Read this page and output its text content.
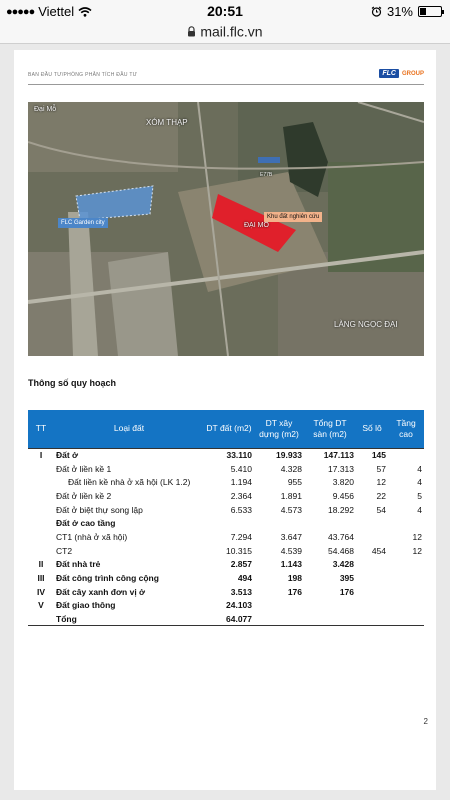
●●●●● Viettel	20:51	31%
mail.flc.vn
BAN ĐẦU TƯ/PHÒNG PHÂN TÍCH ĐẦU TƯ	FLC	GROUP
Đại Mỗ
XÓM THẠP
ĐẠI MỖ
LÀNG NGỌC ĐẠI
E77B
FLC Garden city
Khu đất nghiên cứu
Thông số quy hoạch
TT	Loại đất	DT đất (m2)	DT xây dựng (m2)	Tổng DT sàn (m2)	Số lô	Tầng cao
I	Đất ở	33.110	19.933	147.113	145	
	Đất ở liền kề 1	5.410	4.328	17.313	57	4
	Đất liền kề nhà ở xã hội (LK 1.2)	1.194	955	3.820	12	4
	Đất ở liền kề 2	2.364	1.891	9.456	22	5
	Đất ở biệt thự song lập	6.533	4.573	18.292	54	4
	Đất ở cao tầng					
	CT1 (nhà ở xã hội)	7.294	3.647	43.764		12
	CT2	10.315	4.539	54.468	454	12
II	Đất nhà trẻ	2.857	1.143	3.428		
III	Đất công trình công cộng	494	198	395		
IV	Đất cây xanh đơn vị ở	3.513	176	176		
V	Đất giao thông	24.103				
	Tổng	64.077				
2
